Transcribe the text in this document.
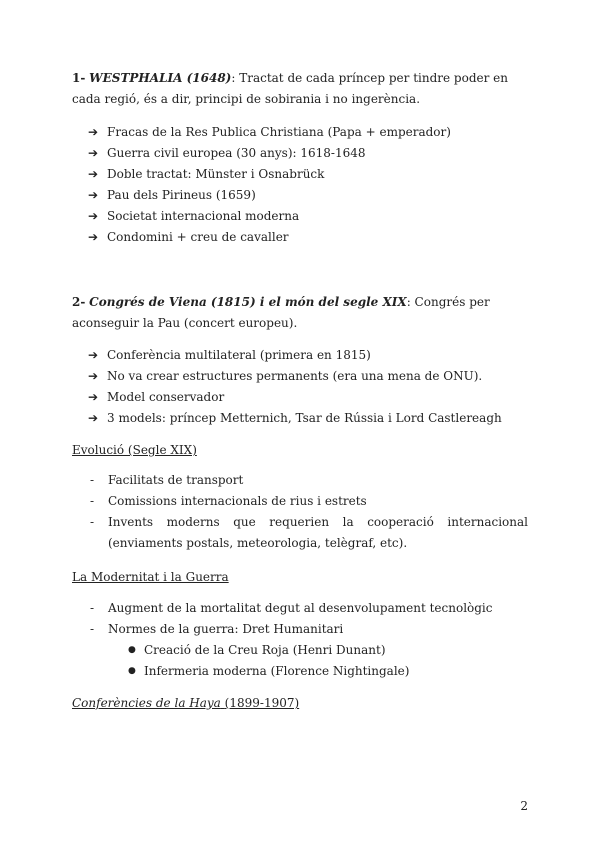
1- WESTPHALIA (1648): Tractat de cada príncep per tindre poder en cada regió, és a dir, principi de sobirania i no ingerència.
➔ Fracas de la Res Publica Christiana (Papa + emperador)
➔ Guerra civil europea (30 anys): 1618-1648
➔ Doble tractat: Münster i Osnabrück
➔ Pau dels Pirineus (1659)
➔ Societat internacional moderna
➔ Condomini + creu de cavaller
2- Congrés de Viena (1815) i el món del segle XIX: Congrés per aconseguir la Pau (concert europeu).
➔ Conferència multilateral (primera en 1815)
➔ No va crear estructures permanents (era una mena de ONU).
➔ Model conservador
➔ 3 models: príncep Metternich, Tsar de Rússia i Lord Castlereagh
Evolució (Segle XIX)
- Facilitats de transport
- Comissions internacionals de rius i estrets
- Invents moderns que requerien la cooperació internacional (enviaments postals, meteorologia, telègraf, etc).
La Modernitat i la Guerra
- Augment de la mortalitat degut al desenvolupament tecnològic
- Normes de la guerra: Dret Humanitari
● Creació de la Creu Roja (Henri Dunant)
● Infermeria moderna (Florence Nightingale)
Conferències de la Haya (1899-1907)
2
